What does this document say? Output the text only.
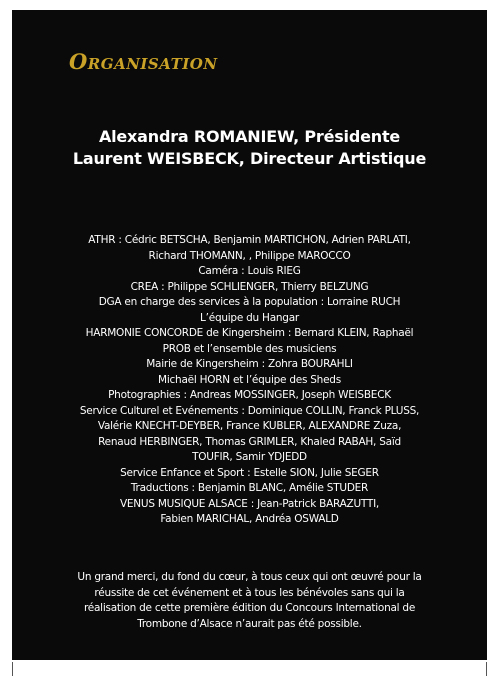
Organisation
Alexandra ROMANIEW, Présidente
Laurent WEISBECK, Directeur Artistique
ATHR : Cédric BETSCHA, Benjamin MARTICHON, Adrien PARLATI,
Richard THOMANN, , Philippe MAROCCO
Caméra : Louis RIEG
CREA : Philippe SCHLIENGER, Thierry BELZUNG
DGA en charge des services à la population : Lorraine RUCH
L’équipe du Hangar
HARMONIE CONCORDE de Kingersheim : Bernard KLEIN, Raphaël
PROB et l’ensemble des musiciens
Mairie de Kingersheim : Zohra BOURAHLI
Michaël HORN et l’équipe des Sheds
Photographies : Andreas MOSSINGER, Joseph WEISBECK
Service Culturel et Evénements : Dominique COLLIN, Franck PLUSS,
Valérie KNECHT-DEYBER, France KUBLER, ALEXANDRE Zuza,
Renaud HERBINGER, Thomas GRIMLER, Khaled RABAH, Saïd
TOUFIR, Samir YDJEDD
Service Enfance et Sport : Estelle SION, Julie SEGER
Traductions : Benjamin BLANC, Amélie STUDER
VENUS MUSIQUE ALSACE : Jean-Patrick BARAZUTTI,
Fabien MARICHAL, Andréa OSWALD
Un grand merci, du fond du cœur, à tous ceux qui ont œuvré pour la
réussite de cet événement et à tous les bénévoles sans qui la
réalisation de cette première édition du Concours International de
Trombone d’Alsace n’aurait pas été possible.
